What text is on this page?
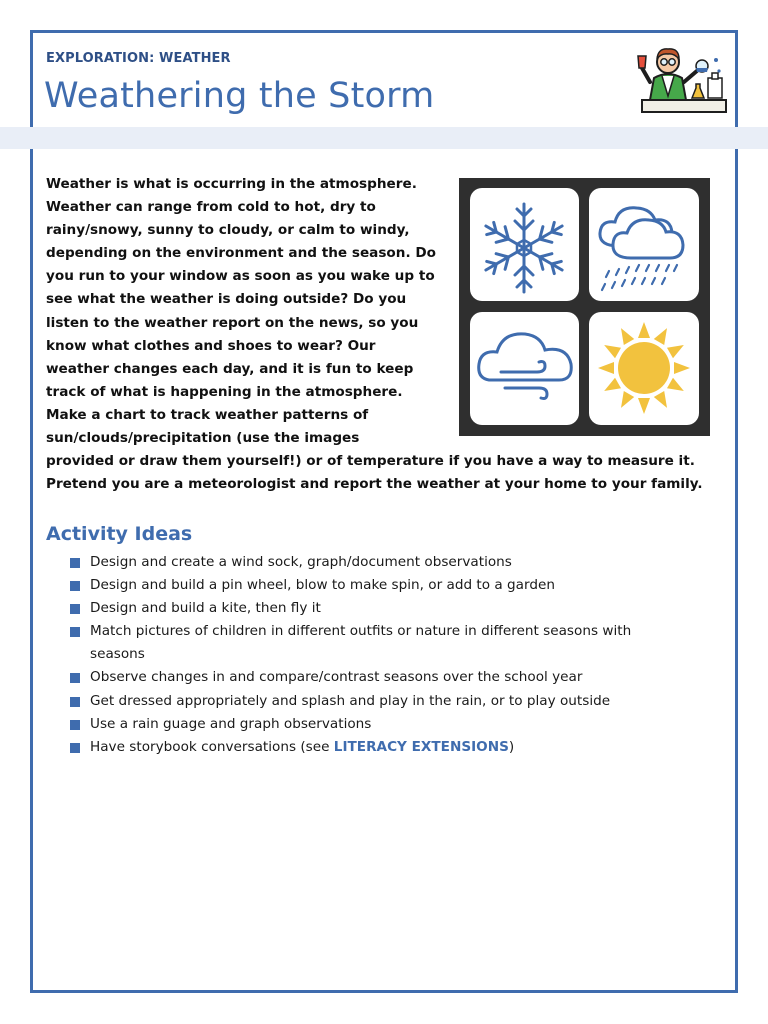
EXPLORATION: WEATHER
Weathering the Storm
Weather is what is occurring in the atmosphere.
Weather can range from cold to hot, dry to
rainy/snowy, sunny to cloudy, or calm to windy,
depending on the environment and the season. Do
you run to your window as soon as you wake up to
see what the weather is doing outside? Do you
listen to the weather report on the news, so you
know what clothes and shoes to wear? Our
weather changes each day, and it is fun to keep
track of what is happening in the atmosphere.
Make a chart to track weather patterns of
sun/clouds/precipitation (use the images
provided or draw them yourself!) or of temperature if you have a way to measure it.
Pretend you are a meteorologist and report the weather at your home to your family.
Activity Ideas
Design and create a wind sock, graph/document observations
Design and build a pin wheel, blow to make spin, or add to a garden
Design and build a kite, then fly it
Match pictures of children in different outfits or nature in different seasons with
seasons
Observe changes in and compare/contrast seasons over the school year
Get dressed appropriately and splash and play in the rain, or to play outside
Use a rain guage and graph observations
Have storybook conversations (see LITERACY EXTENSIONS)
